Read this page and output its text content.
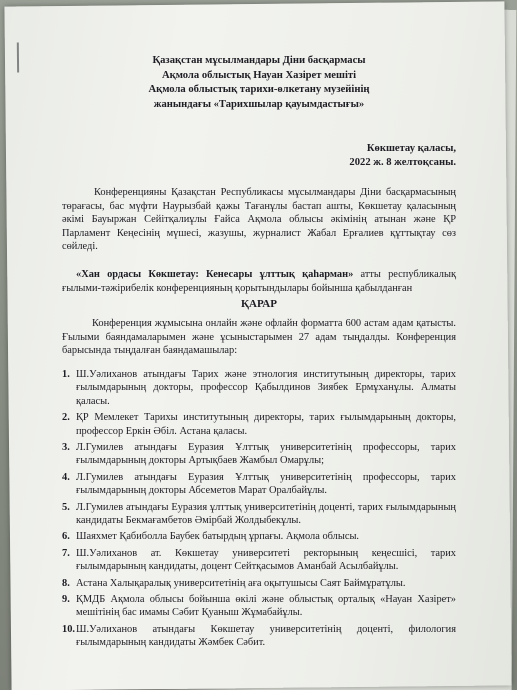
Қазақстан мұсылмандары Діни басқармасы
Ақмола облыстық Науан Хазірет мешіті
Ақмола облыстық тарихи-өлкетану музейінің
жанындағы «Тарихшылар қауымдастығы»
Көкшетау қаласы,
2022 ж. 8 желтоқсаны.

Конференцияны Қазақстан Республикасы мұсылмандары Діни басқармасының төрағасы, бас мүфти Наурызбай қажы Тағанұлы бастап ашты, Көкшетау қаласының әкімі Бауыржан Сейітқалиұлы Ғайса Ақмола облысы әкімінің атынан және ҚР Парламент Кеңесінің мүшесі, жазушы, журналист Жабал Ерғалиев құттықтау сөз сөйледі.

«Хан ордасы Көкшетау: Кенесары ұлттық қаһарман» атты республикалық ғылыми-тәжірибелік конференцияның қорытындылары бойынша қабылданған

ҚАРАР

Конференция жұмысына онлайн және офлайн форматта 600 астам адам қатысты. Ғылыми баяндамаларымен және ұсыныстарымен 27 адам тыңдалды. Конференция барысында тыңдалған баяндамашылар:

1. Ш.Уәлиханов атындағы Тарих және этнология институтының директоры, тарих ғылымдарының докторы, профессор Қабылдинов Зиябек Ермұханұлы. Алматы қаласы.
2. ҚР Мемлекет Тарихы институтының директоры, тарих ғылымдарының докторы, профессор Еркін Әбіл. Астана қаласы.
3. Л.Гумилев атындағы Еуразия Ұлттық университетінің профессоры, тарих ғылымдарының докторы Артықбаев Жамбыл Омарұлы;
4. Л.Гумилев атындағы Еуразия Ұлттық университетінің профессоры, тарих ғылымдарының докторы Абсеметов Марат Оралбайұлы.
5. Л.Гумилев атындағы Еуразия ұлттық университетінің доценті, тарих ғылымдарының кандидаты Бекмағамбетов Әмірбай Жолдыбекұлы.
6. Шаяхмет Қабиболла Баубек батырдың ұрпағы. Ақмола облысы.
7. Ш.Уәлиханов ат. Көкшетау университеті ректорының кеңесшісі, тарих ғылымдарының кандидаты, доцент Сейтқасымов Аманбай Асылбайұлы.
8. Астана Халықаралық университетінің аға оқытушысы Саят Баймұратұлы.
9. ҚМДБ Ақмола облысы бойынша өкілі және облыстық орталық «Науан Хазірет» мешітінің бас имамы Сәбит Қуаныш Жұмабайұлы.
10. Ш.Уәлиханов атындағы Көкшетау университетінің доценті, филология ғылымдарының кандидаты Жәмбек Сәбит.
